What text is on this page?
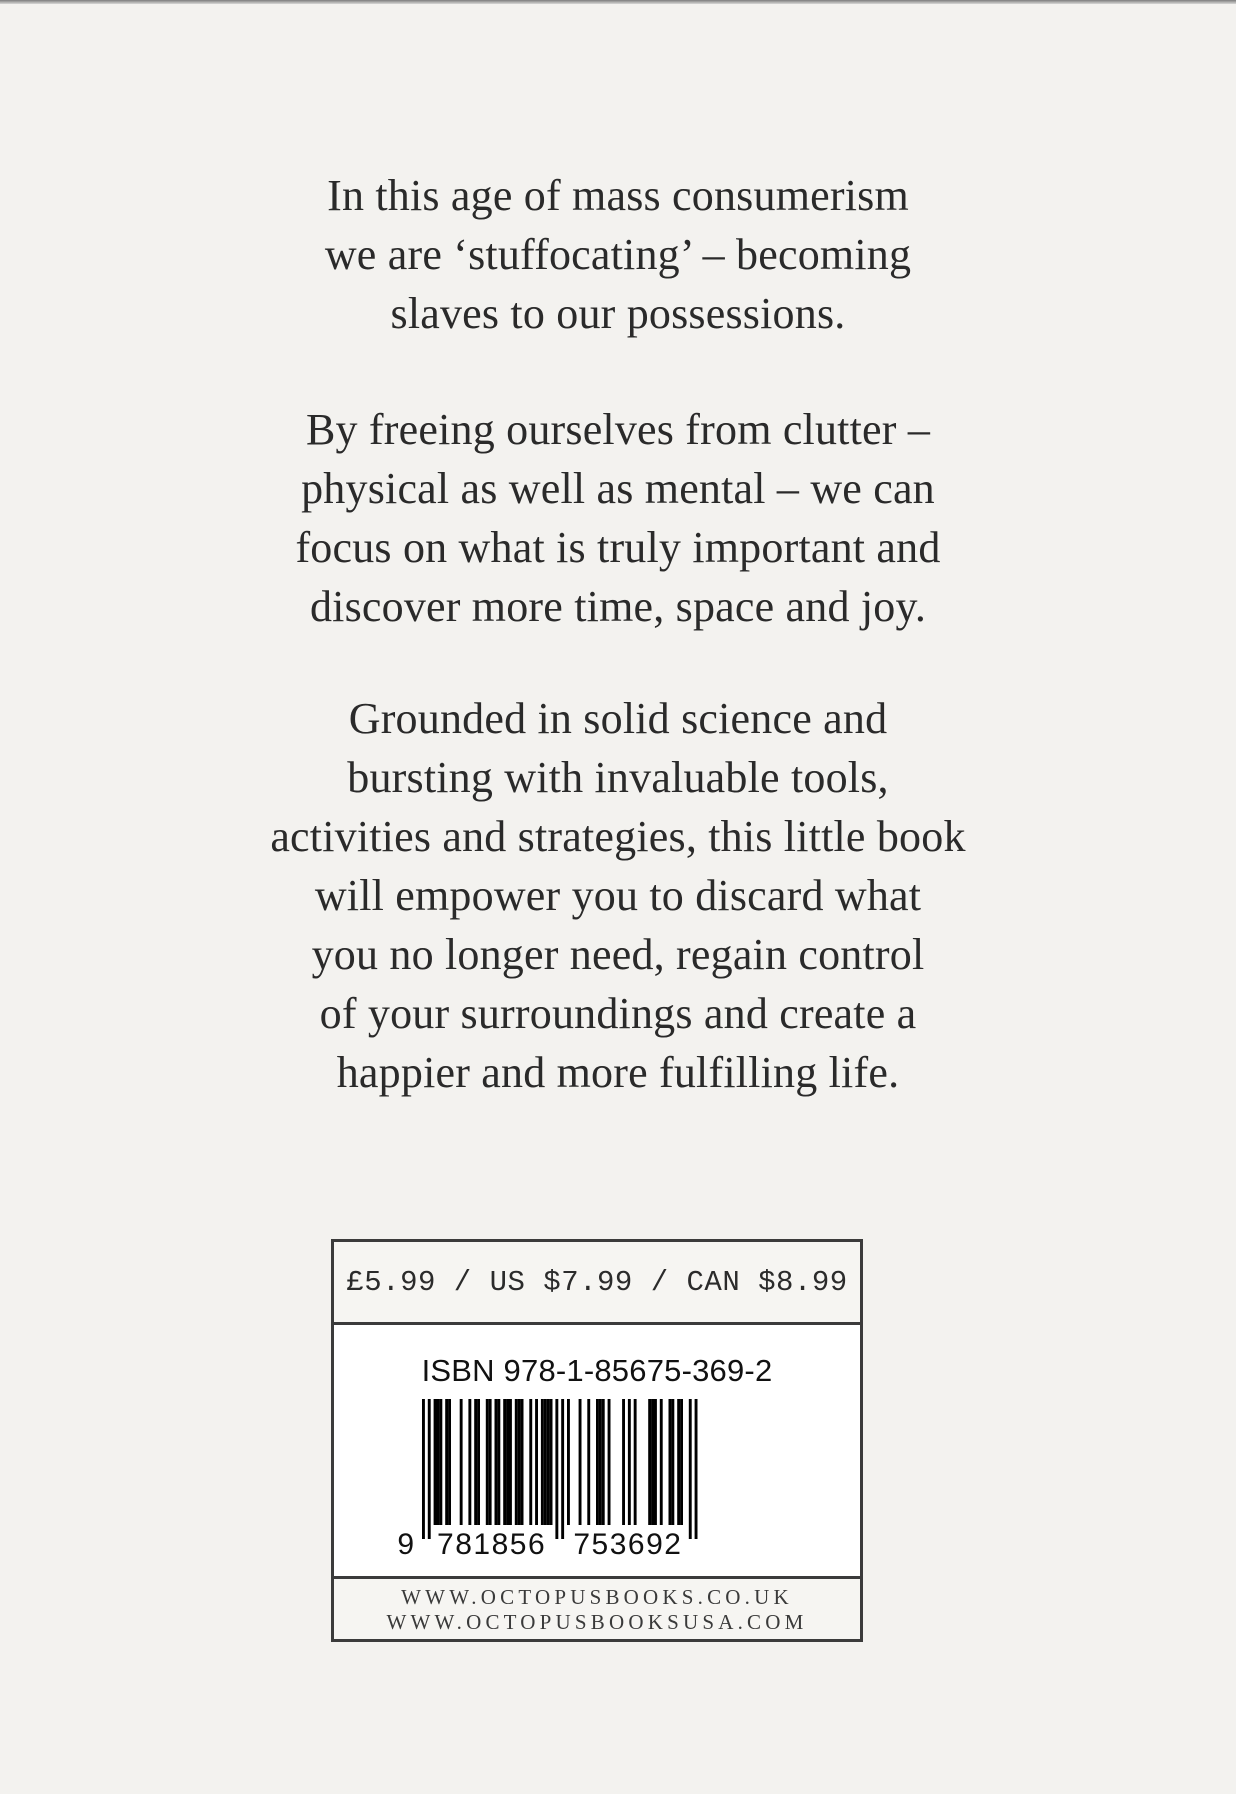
In this age of mass consumerism
we are ‘stuffocating’ – becoming
slaves to our possessions.
By freeing ourselves from clutter –
physical as well as mental – we can
focus on what is truly important and
discover more time, space and joy.
Grounded in solid science and
bursting with invaluable tools,
activities and strategies, this little book
will empower you to discard what
you no longer need, regain control
of your surroundings and create a
happier and more fulfilling life.
£5.99 / US $7.99 / CAN $8.99
ISBN 978-1-85675-369-2
9 781856 753692
WWW.OCTOPUSBOOKS.CO.UK
WWW.OCTOPUSBOOKSUSA.COM
